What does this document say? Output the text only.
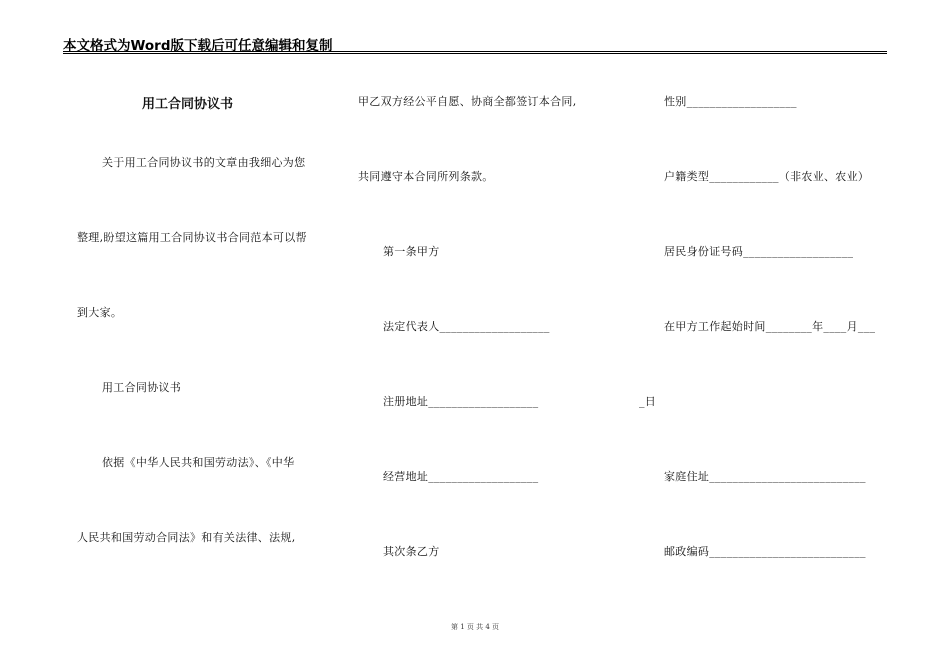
本文格式为Word版下载后可任意编辑和复制
用工合同协议书
关于用工合同协议书的文章由我细心为您
整理,盼望这篇用工合同协议书合同范本可以帮
到大家。
用工合同协议书
依据《中华人民共和国劳动法》、《中华
人民共和国劳动合同法》和有关法律、法规,
甲乙双方经公平自愿、协商全都签订本合同,
共同遵守本合同所列条款。
第一条甲方
法定代表人___________________
注册地址___________________
经营地址___________________
其次条乙方
性别___________________
户籍类型____________（非农业、农业）
居民身份证号码___________________
在甲方工作起始时间________年____月___
_日
家庭住址___________________________
邮政编码___________________________
第 1 页 共 4 页
